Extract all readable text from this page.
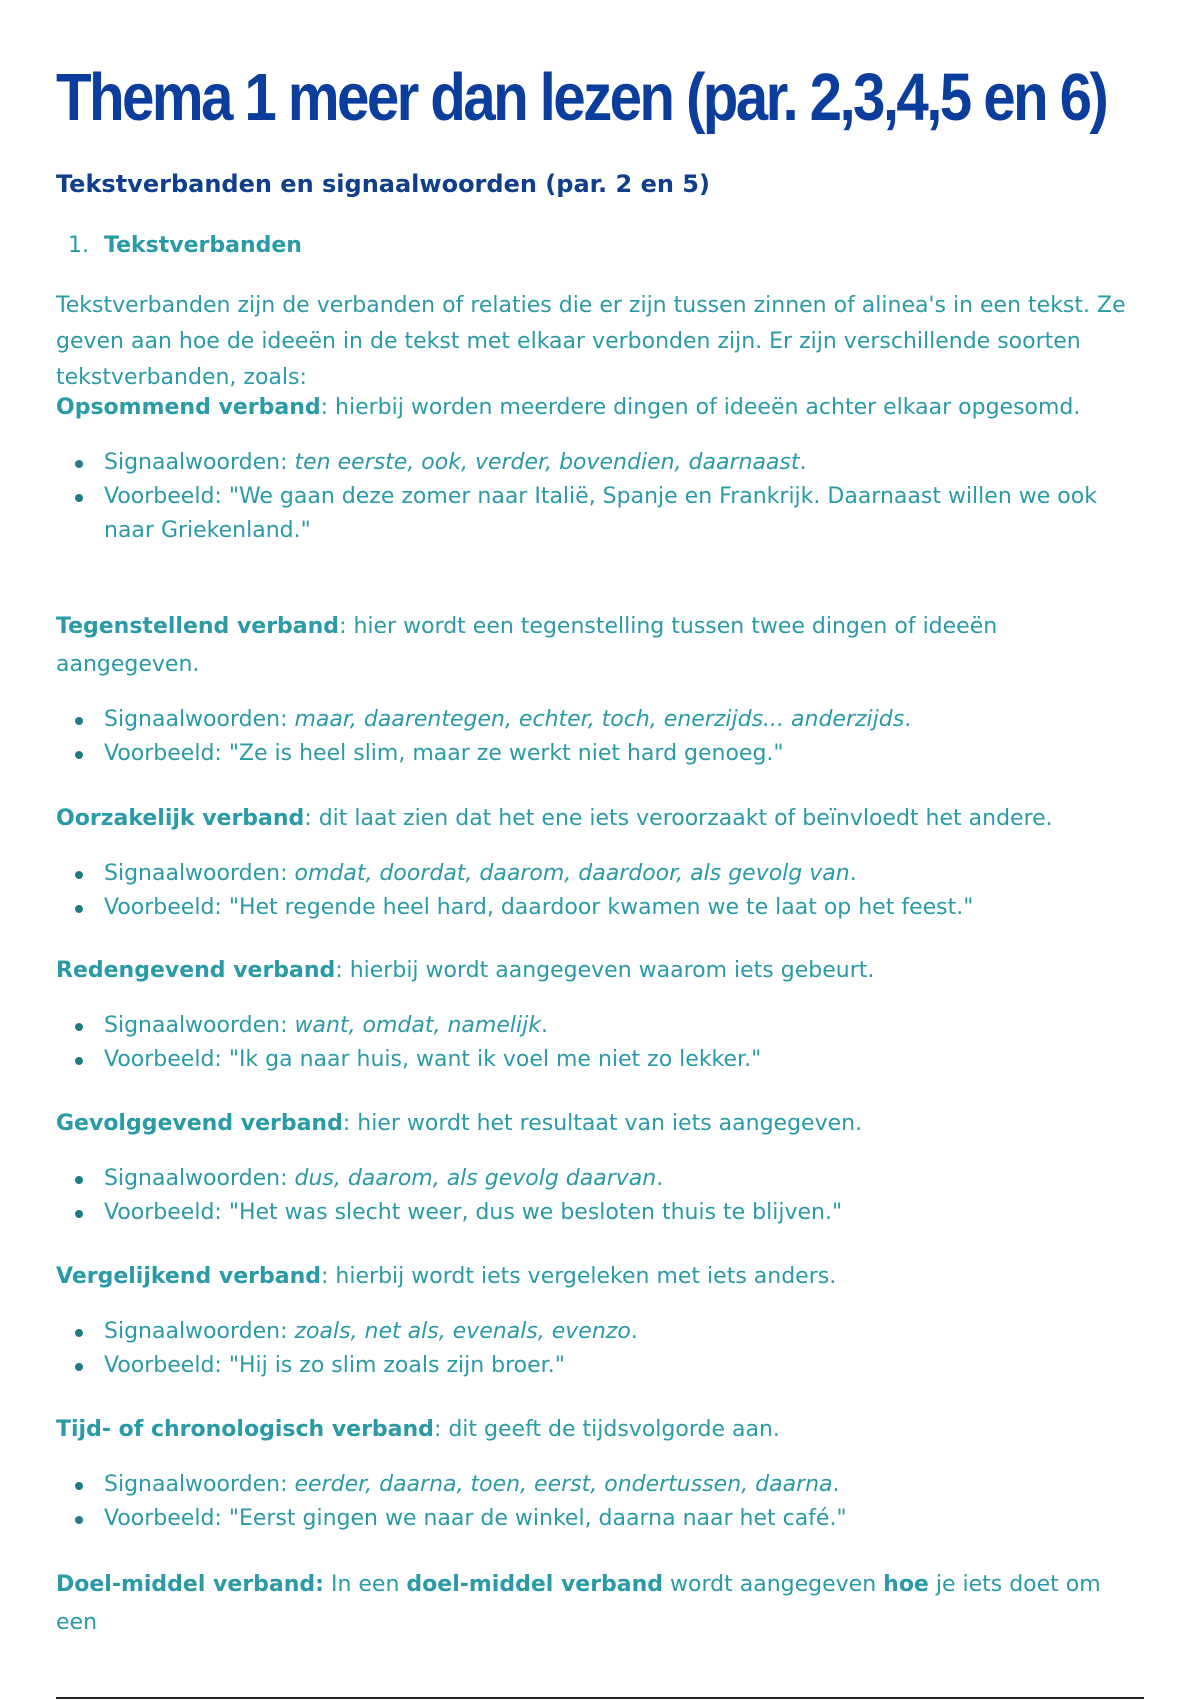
Thema 1 meer dan lezen (par. 2,3,4,5 en 6)
Tekstverbanden en signaalwoorden (par. 2 en 5)
1. Tekstverbanden

Tekstverbanden zijn de verbanden of relaties die er zijn tussen zinnen of alinea's in een tekst. Ze geven aan hoe de ideeën in de tekst met elkaar verbonden zijn. Er zijn verschillende soorten tekstverbanden, zoals:

Opsommend verband: hierbij worden meerdere dingen of ideeën achter elkaar opgesomd.

Signaalwoorden: ten eerste, ook, verder, bovendien, daarnaast.
Voorbeeld: "We gaan deze zomer naar Italië, Spanje en Frankrijk. Daarnaast willen we ook naar Griekenland."

Tegenstellend verband: hier wordt een tegenstelling tussen twee dingen of ideeën aangegeven.

Signaalwoorden: maar, daarentegen, echter, toch, enerzijds... anderzijds.
Voorbeeld: "Ze is heel slim, maar ze werkt niet hard genoeg."

Oorzakelijk verband: dit laat zien dat het ene iets veroorzaakt of beïnvloedt het andere.

Signaalwoorden: omdat, doordat, daarom, daardoor, als gevolg van.
Voorbeeld: "Het regende heel hard, daardoor kwamen we te laat op het feest."

Redengevend verband: hierbij wordt aangegeven waarom iets gebeurt.

Signaalwoorden: want, omdat, namelijk.
Voorbeeld: "Ik ga naar huis, want ik voel me niet zo lekker."

Gevolggevend verband: hier wordt het resultaat van iets aangegeven.

Signaalwoorden: dus, daarom, als gevolg daarvan.
Voorbeeld: "Het was slecht weer, dus we besloten thuis te blijven."

Vergelijkend verband: hierbij wordt iets vergeleken met iets anders.

Signaalwoorden: zoals, net als, evenals, evenzo.
Voorbeeld: "Hij is zo slim zoals zijn broer."

Tijd- of chronologisch verband: dit geeft de tijdsvolgorde aan.

Signaalwoorden: eerder, daarna, toen, eerst, ondertussen, daarna.
Voorbeeld: "Eerst gingen we naar de winkel, daarna naar het café."

Doel-middel verband: In een doel-middel verband wordt aangegeven hoe je iets doet om een
